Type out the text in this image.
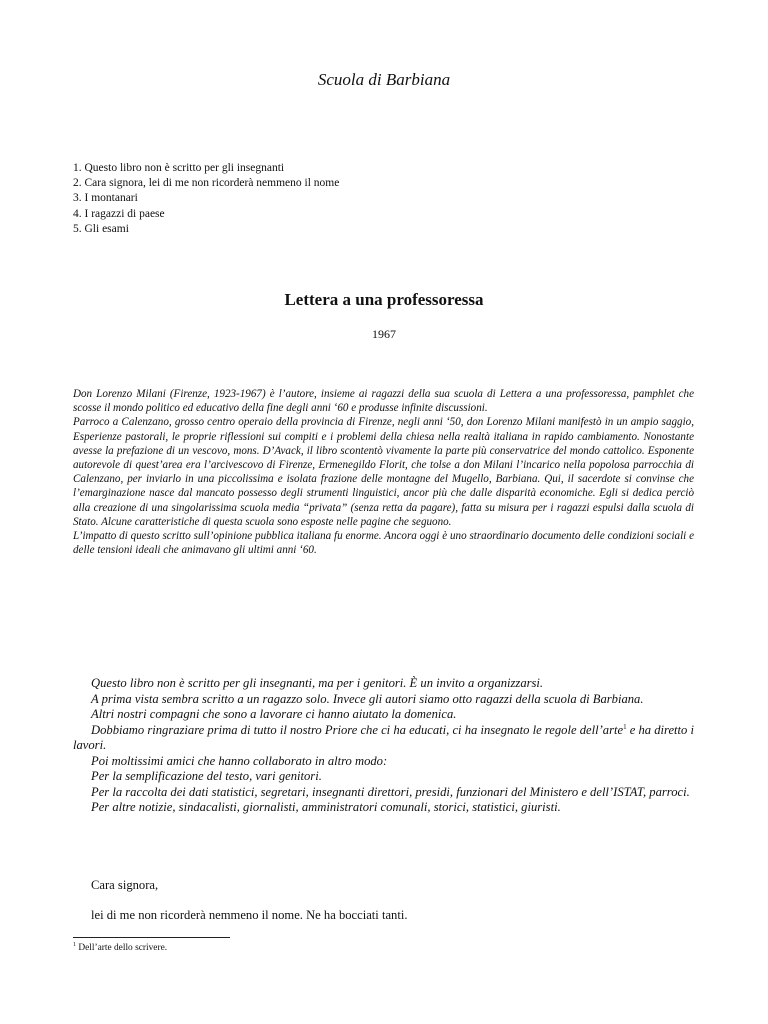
Scuola di Barbiana
1. Questo libro non è scritto per gli insegnanti
2. Cara signora, lei di me non ricorderà nemmeno il nome
3. I montanari
4. I ragazzi di paese
5. Gli esami
Lettera a una professoressa
1967

Don Lorenzo Milani (Firenze, 1923-1967) è l’autore, insieme ai ragazzi della sua scuola di Lettera a una professoressa, pamphlet che scosse il mondo politico ed educativo della fine degli anni ‘60 e produsse infinite discussioni.

Parroco a Calenzano, grosso centro operaio della provincia di Firenze, negli anni ‘50, don Lorenzo Milani manifestò in un ampio saggio, Esperienze pastorali, le proprie riflessioni sui compiti e i problemi della chiesa nella realtà italiana in rapido cambiamento. Nonostante avesse la prefazione di un vescovo, mons. D’Avack, il libro scontentò vivamente la parte più conservatrice del mondo cattolico. Esponente autorevole di quest’area era l’arcivescovo di Firenze, Ermenegildo Florit, che tolse a don Milani l’incarico nella popolosa parrocchia di Calenzano, per inviarlo in una piccolissima e isolata frazione delle montagne del Mugello, Barbiana. Qui, il sacerdote si convinse che l’emarginazione nasce dal mancato possesso degli strumenti linguistici, ancor più che dalle disparità economiche. Egli si dedica perciò alla creazione di una singolarissima scuola media “privata” (senza retta da pagare), fatta su misura per i ragazzi espulsi dalla scuola di Stato. Alcune caratteristiche di questa scuola sono esposte nelle pagine che seguono.

L’impatto di questo scritto sull’opinione pubblica italiana fu enorme. Ancora oggi è uno straordinario documento delle condizioni sociali e delle tensioni ideali che animavano gli ultimi anni ‘60.

Questo libro non è scritto per gli insegnanti, ma per i genitori. È un invito a organizzarsi.

A prima vista sembra scritto a un ragazzo solo. Invece gli autori siamo otto ragazzi della scuola di Barbiana.

Altri nostri compagni che sono a lavorare ci hanno aiutato la domenica.

Dobbiamo ringraziare prima di tutto il nostro Priore che ci ha educati, ci ha insegnato le regole dell’arte$^1$ e ha diretto i lavori.

Poi moltissimi amici che hanno collaborato in altro modo:

Per la semplificazione del testo, vari genitori.

Per la raccolta dei dati statistici, segretari, insegnanti direttori, presidi, funzionari del Ministero e dell’ISTAT, parroci.

Per altre notizie, sindacalisti, giornalisti, amministratori comunali, storici, statistici, giuristi.

Cara signora,
lei di me non ricorderà nemmeno il nome. Ne ha bocciati tanti.
$^1$ Dell’arte dello scrivere.
